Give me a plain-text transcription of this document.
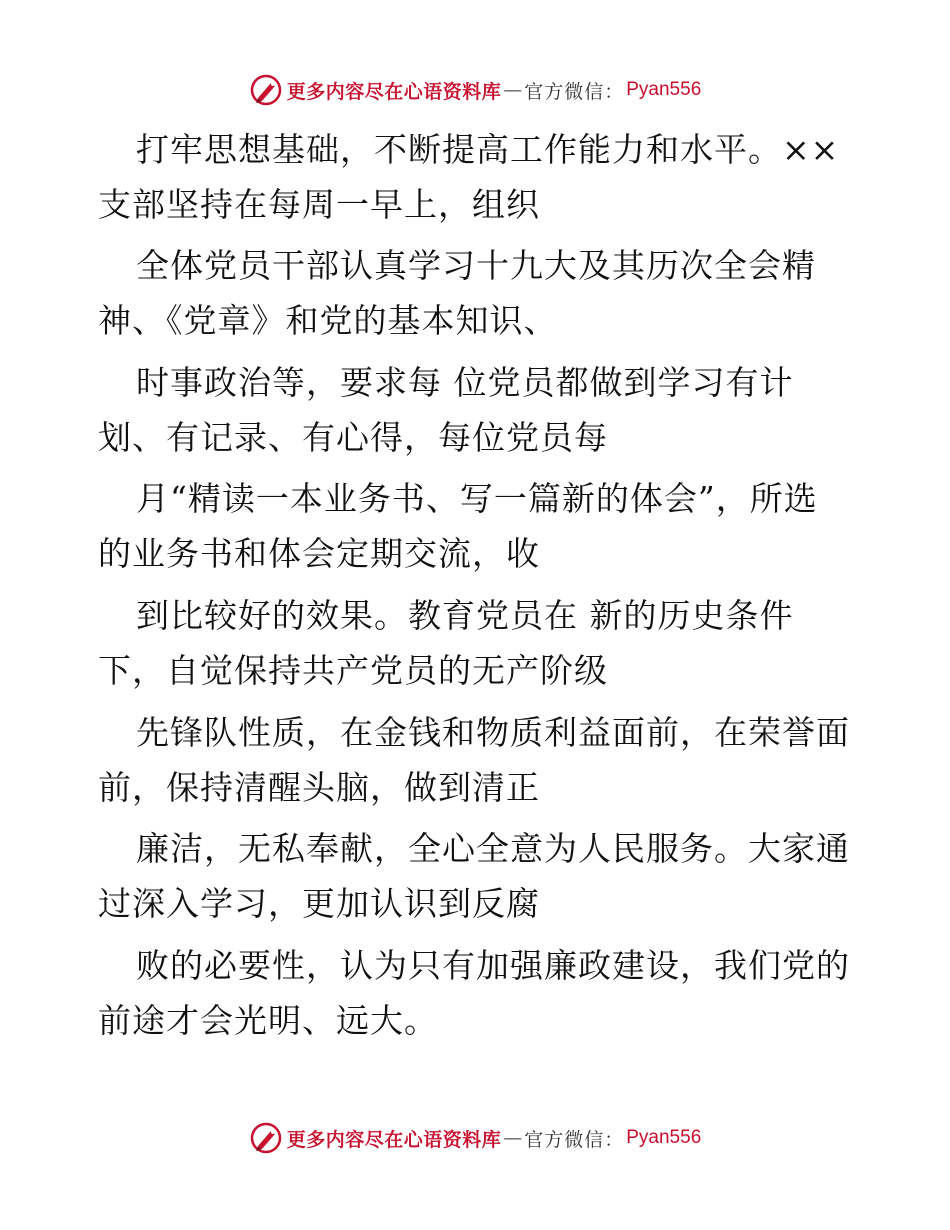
更多内容尽在心语资料库 — 官方微信： Pyan556
打牢思想基础，不断提高工作能力和水平。××
支部坚持在每周一早上，组织
全体党员干部认真学习十九大及其历次全会精
神、《党章》和党的基本知识、
时事政治等，要求每 位党员都做到学习有计
划、有记录、有心得，每位党员每
月“精读一本业务书、写一篇新的体会”，所选
的业务书和体会定期交流，收
到比较好的效果。教育党员在 新的历史条件
下，自觉保持共产党员的无产阶级
先锋队性质，在金钱和物质利益面前，在荣誉面
前，保持清醒头脑，做到清正
廉洁，无私奉献，全心全意为人民服务。大家通
过深入学习，更加认识到反腐
败的必要性，认为只有加强廉政建设，我们党的
前途才会光明、远大。
更多内容尽在心语资料库 — 官方微信： Pyan556
